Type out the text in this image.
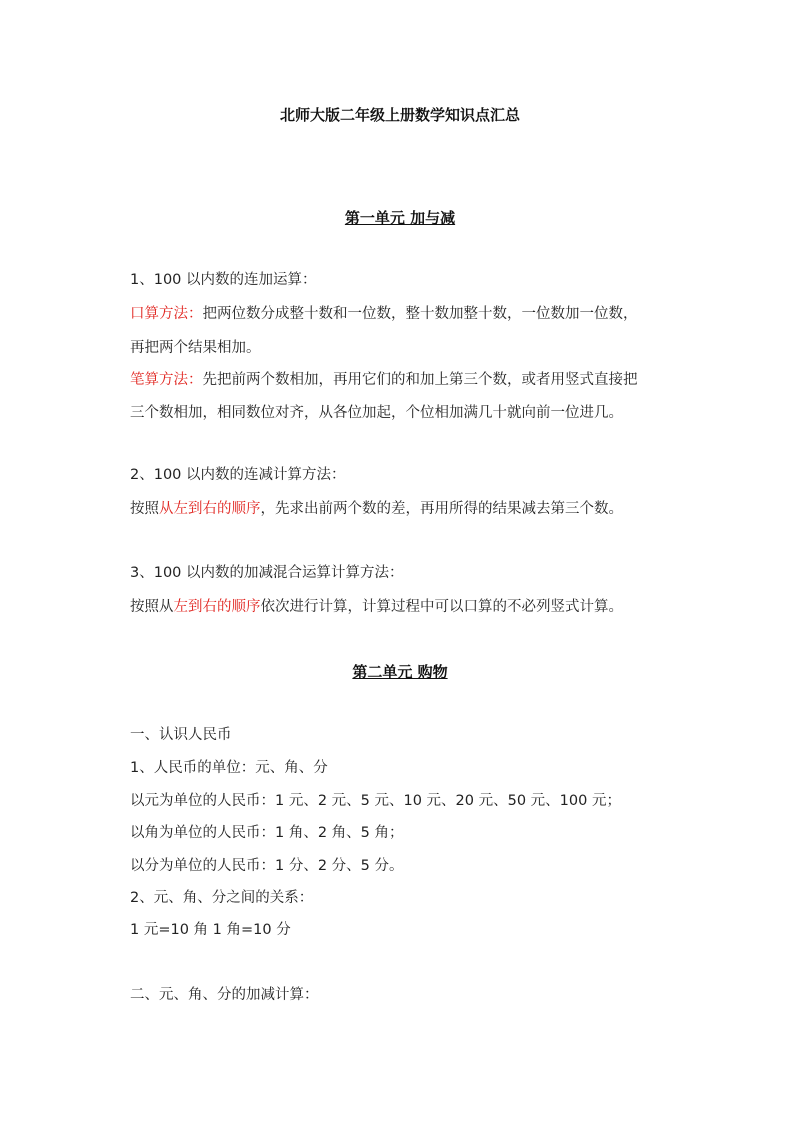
北师大版二年级上册数学知识点汇总
第一单元 加与减
1、100 以内数的连加运算：
口算方法：把两位数分成整十数和一位数，整十数加整十数，一位数加一位数，
再把两个结果相加。
笔算方法：先把前两个数相加，再用它们的和加上第三个数，或者用竖式直接把
三个数相加，相同数位对齐，从各位加起，个位相加满几十就向前一位进几。
2、100 以内数的连减计算方法：
按照从左到右的顺序，先求出前两个数的差，再用所得的结果减去第三个数。
3、100 以内数的加减混合运算计算方法：
按照从左到右的顺序依次进行计算，计算过程中可以口算的不必列竖式计算。
第二单元 购物
一、认识人民币
1、人民币的单位：元、角、分
以元为单位的人民币：1 元、2 元、5 元、10 元、20 元、50 元、100 元；
以角为单位的人民币：1 角、2 角、5 角；
以分为单位的人民币：1 分、2 分、5 分。
2、元、角、分之间的关系：
1 元=10 角 1 角=10 分
二、元、角、分的加减计算：
